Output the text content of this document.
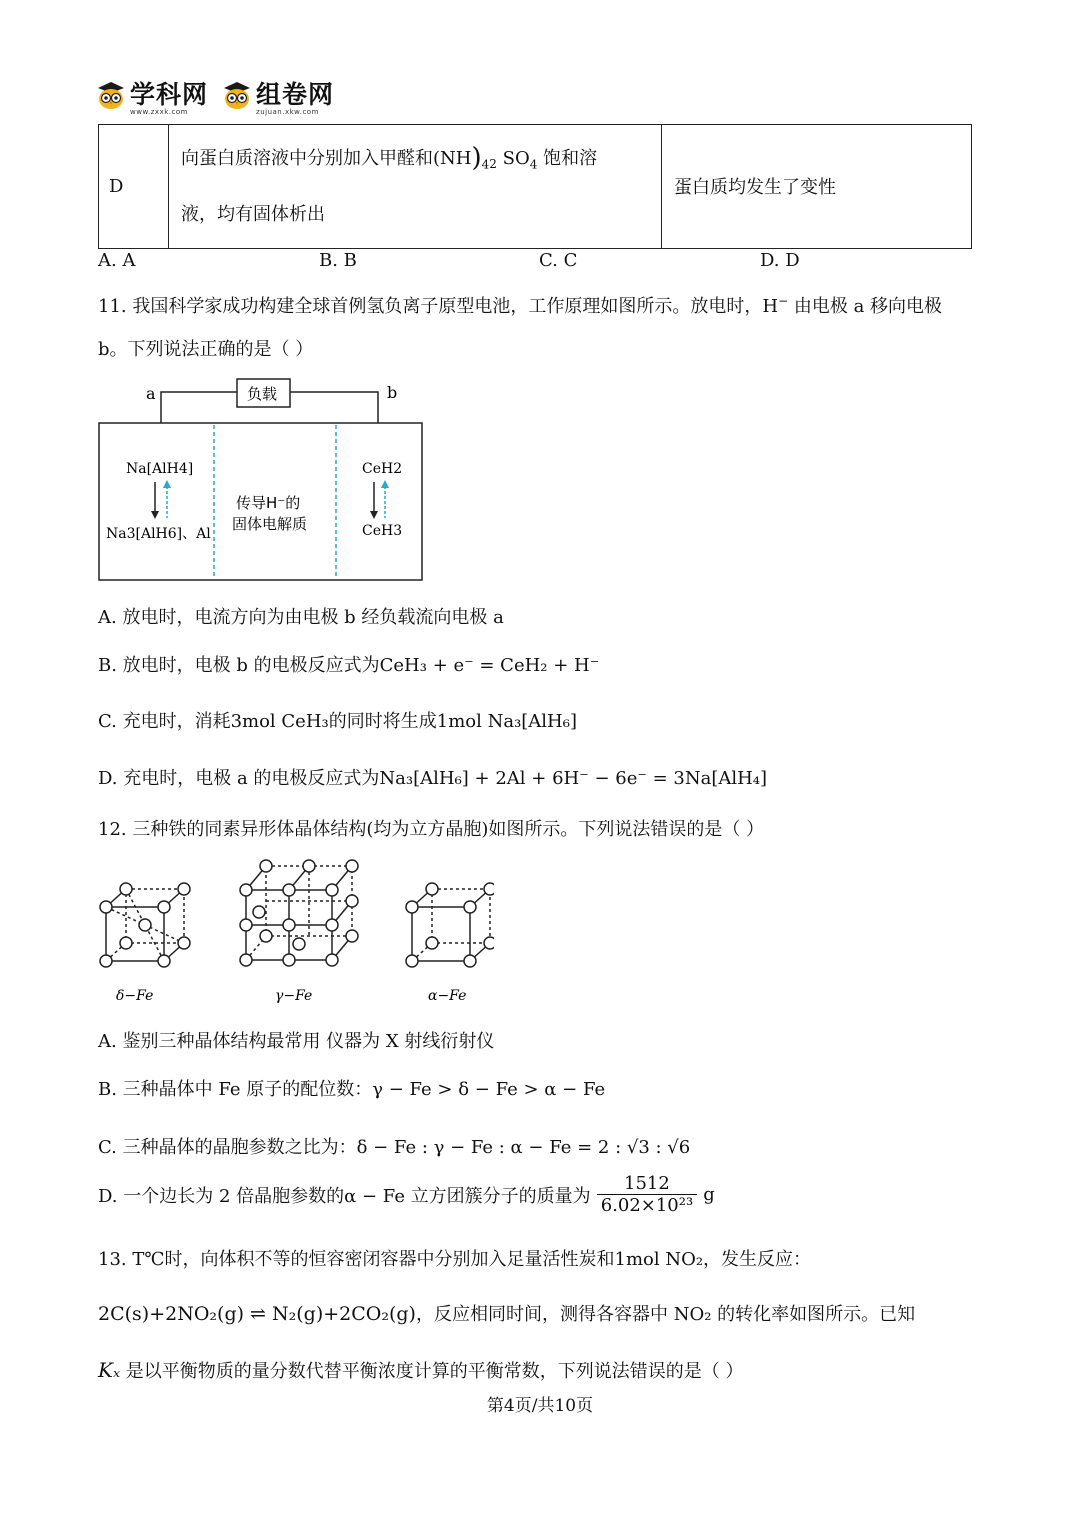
学科网
www.zxxk.com
组卷网
zujuan.xkw.com
D	
向蛋白质溶液中分别加入甲醛和$(NH)_{42}$ $SO_4$ 饱和溶
液，均有固体析出
	蛋白质均发生了变性
A. A	B. B	C. C	D. D
11. 我国科学家成功构建全球首例氢负离子原型电池，工作原理如图所示。放电时，H− 由电极 a 移向电极
b。下列说法正确的是（ ）
a	b
负载
Na[AlH4]
Na3[AlH6]、Al
传导H⁻的
固体电解质
CeH2
CeH3
A. 放电时，电流方向为由电极 b 经负载流向电极 a
B. 放电时，电极 b 的电极反应式为CeH₃ + e⁻ = CeH₂ + H⁻
C. 充电时，消耗3mol CeH₃的同时将生成1mol Na₃[AlH₆]
D. 充电时，电极 a 的电极反应式为Na₃[AlH₆] + 2Al + 6H⁻ − 6e⁻ = 3Na[AlH₄]
12. 三种铁的同素异形体晶体结构(均为立方晶胞)如图所示。下列说法错误的是（ ）
δ−Fe	γ−Fe	α−Fe
A. 鉴别三种晶体结构最常用 仪器为 X 射线衍射仪
B. 三种晶体中 Fe 原子的配位数：γ − Fe > δ − Fe > α − Fe
C. 三种晶体的晶胞参数之比为：δ − Fe : γ − Fe : α − Fe = 2 : √3 : √6
D. 一个边长为 2 倍晶胞参数的α − Fe 立方团簇分子的质量为 $\frac{1512}{\text{6.02×10²³}}$ g
13. T℃时，向体积不等的恒容密闭容器中分别加入足量活性炭和1mol NO₂，发生反应：
2C(s)+2NO₂(g) ⇌ N₂(g)+2CO₂(g)，反应相同时间，测得各容器中 NO₂ 的转化率如图所示。已知
Kₓ 是以平衡物质的量分数代替平衡浓度计算的平衡常数，下列说法错误的是（ ）
第4页/共10页
